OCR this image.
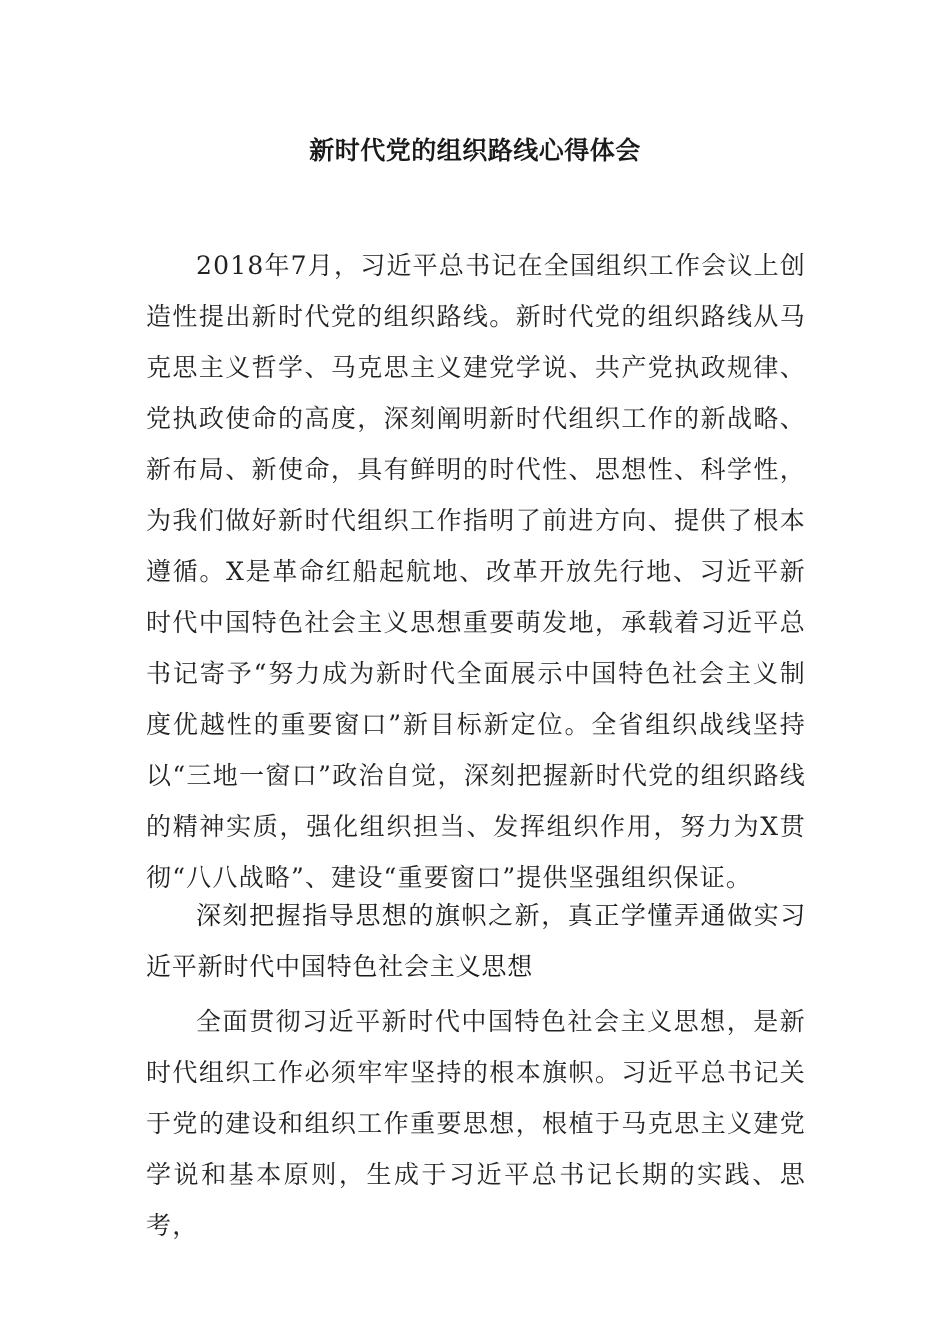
新时代党的组织路线心得体会

2018年7月，习近平总书记在全国组织工作会议上创造性提出新时代党的组织路线。新时代党的组织路线从马克思主义哲学、马克思主义建党学说、共产党执政规律、党执政使命的高度，深刻阐明新时代组织工作的新战略、新布局、新使命，具有鲜明的时代性、思想性、科学性，为我们做好新时代组织工作指明了前进方向、提供了根本遵循。X是革命红船起航地、改革开放先行地、习近平新时代中国特色社会主义思想重要萌发地，承载着习近平总书记寄予“努力成为新时代全面展示中国特色社会主义制度优越性的重要窗口”新目标新定位。全省组织战线坚持以“三地一窗口”政治自觉，深刻把握新时代党的组织路线的精神实质，强化组织担当、发挥组织作用，努力为X贯彻“八八战略”、建设“重要窗口”提供坚强组织保证。

深刻把握指导思想的旗帜之新，真正学懂弄通做实习近平新时代中国特色社会主义思想

全面贯彻习近平新时代中国特色社会主义思想，是新时代组织工作必须牢牢坚持的根本旗帜。习近平总书记关于党的建设和组织工作重要思想，根植于马克思主义建党学说和基本原则，生成于习近平总书记长期的实践、思考，
